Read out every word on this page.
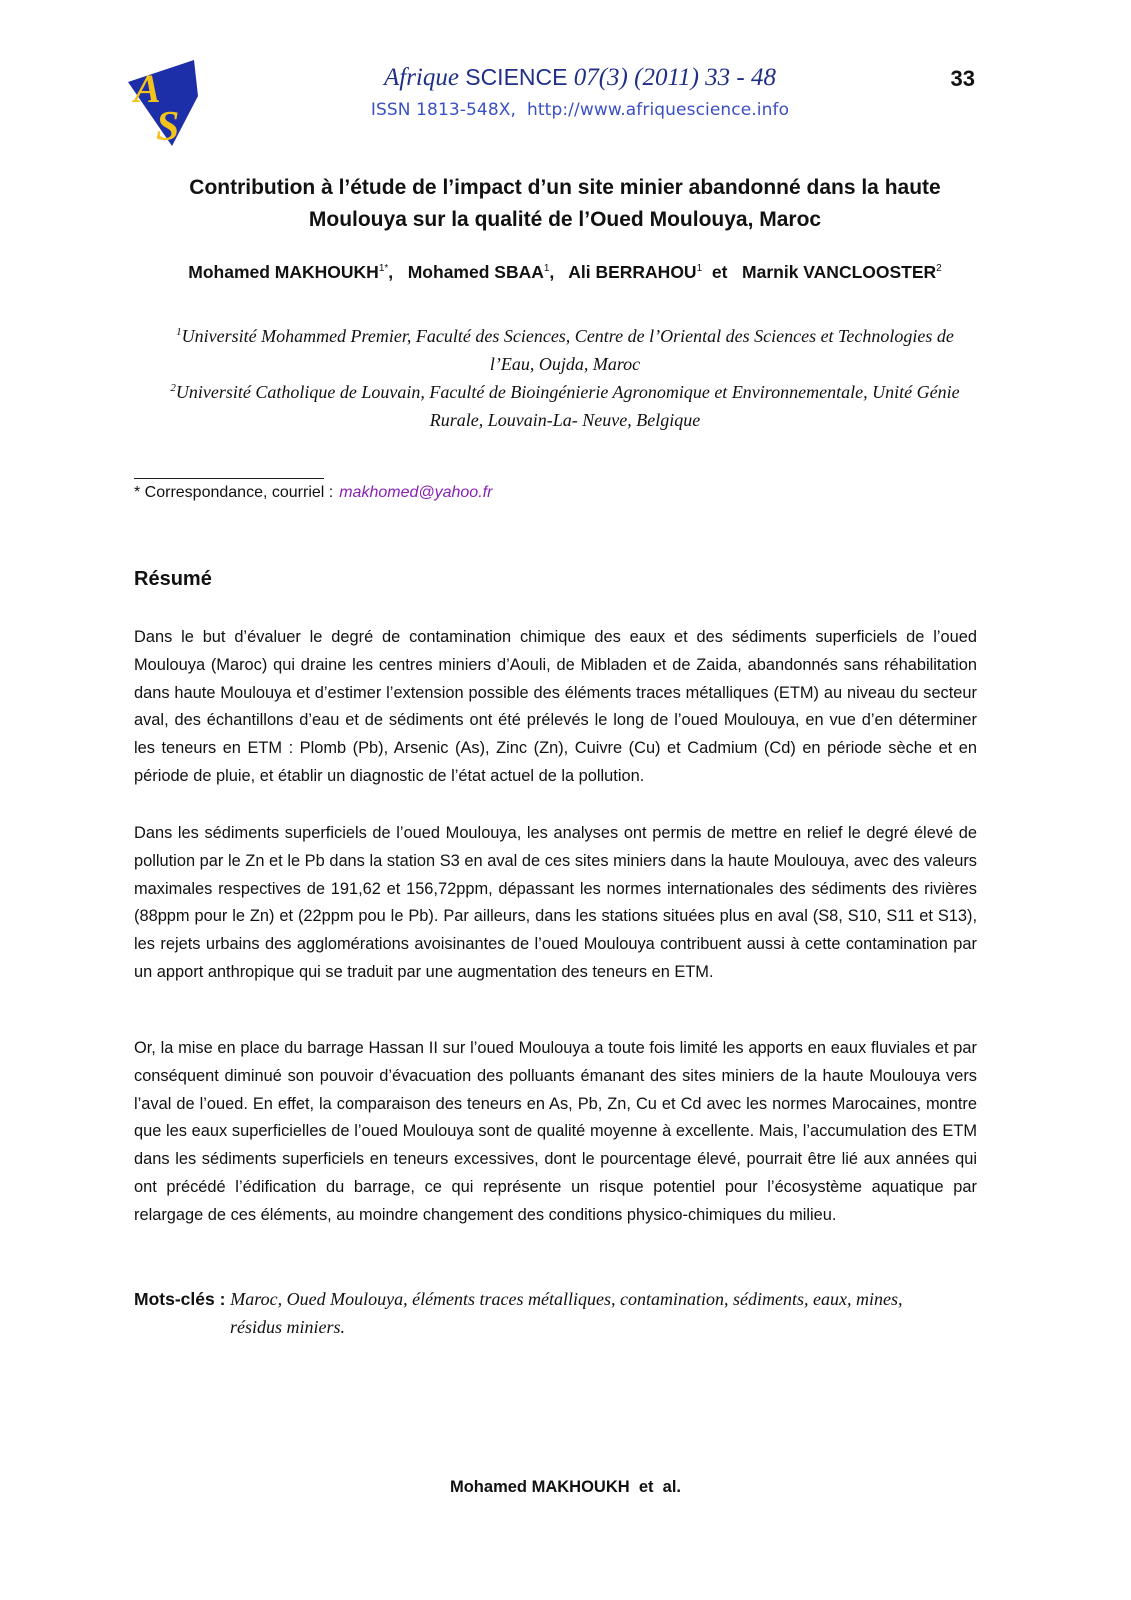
A
S
Afrique SCIENCE 07(3) (2011) 33 - 48
ISSN 1813-548X, http://www.afriquescience.info
33
Contribution à l’étude de l’impact d’un site minier abandonné dans la haute
Moulouya sur la qualité de l’Oued Moulouya, Maroc
Mohamed $MAKHOUKH^{1*}$,   Mohamed SBAA$^1$,   Ali BERRAHOU$^1$  et   Marnik VANCLOOSTER$^2$
$^1$Université Mohammed Premier, Faculté des Sciences, Centre de l’Oriental des Sciences et Technologies de
l’Eau, Oujda, Maroc
$^2$Université Catholique de Louvain, Faculté de Bioingénierie Agronomique et Environnementale, Unité Génie
Rurale, Louvain-La- Neuve, Belgique
* Correspondance, courriel : makhomed@yahoo.fr
Résumé

Dans le but d’évaluer le degré de contamination chimique des eaux et des sédiments superficiels de l’oued Moulouya (Maroc) qui draine les centres miniers d’Aouli, de Mibladen et de Zaida, abandonnés sans réhabilitation dans haute Moulouya et d’estimer l’extension possible des éléments traces métalliques (ETM) au niveau du secteur aval, des échantillons d’eau et de sédiments ont été prélevés le long de l’oued Moulouya, en vue d’en déterminer les teneurs en ETM : Plomb (Pb), Arsenic (As), Zinc (Zn), Cuivre (Cu) et Cadmium (Cd) en période sèche et en période de pluie, et établir un diagnostic de l’état actuel de la pollution.

Dans les sédiments superficiels de l’oued Moulouya, les analyses ont permis de mettre en relief le degré élevé de pollution par le Zn et le Pb dans la station S3 en aval de ces sites miniers dans la haute Moulouya, avec des valeurs maximales respectives de 191,62 et 156,72ppm, dépassant les normes internationales des sédiments des rivières (88ppm pour le Zn) et (22ppm pou le Pb). Par ailleurs, dans les stations situées plus en aval (S8, S10, S11 et S13), les rejets urbains des agglomérations avoisinantes de l’oued Moulouya contribuent aussi à cette contamination par un apport anthropique qui se traduit par une augmentation des teneurs en ETM.

Or, la mise en place du barrage Hassan II sur l’oued Moulouya a toute fois limité les apports en eaux fluviales et par conséquent diminué son pouvoir d’évacuation des polluants émanant des sites miniers de la haute Moulouya vers l’aval de l’oued. En effet, la comparaison des teneurs en As, Pb, Zn, Cu et Cd avec les normes Marocaines, montre que les eaux superficielles de l’oued Moulouya sont de qualité moyenne à excellente. Mais, l’accumulation des ETM dans les sédiments superficiels en teneurs excessives, dont le pourcentage élevé, pourrait être lié aux années qui ont précédé l’édification du barrage, ce qui représente un risque potentiel pour l’écosystème aquatique par relargage de ces éléments, au moindre changement des conditions physico-chimiques du milieu.

Mots-clés : Maroc, Oued Moulouya, éléments traces métalliques, contamination, sédiments, eaux, mines,
résidus miniers.
Mohamed MAKHOUKH  et  al.
